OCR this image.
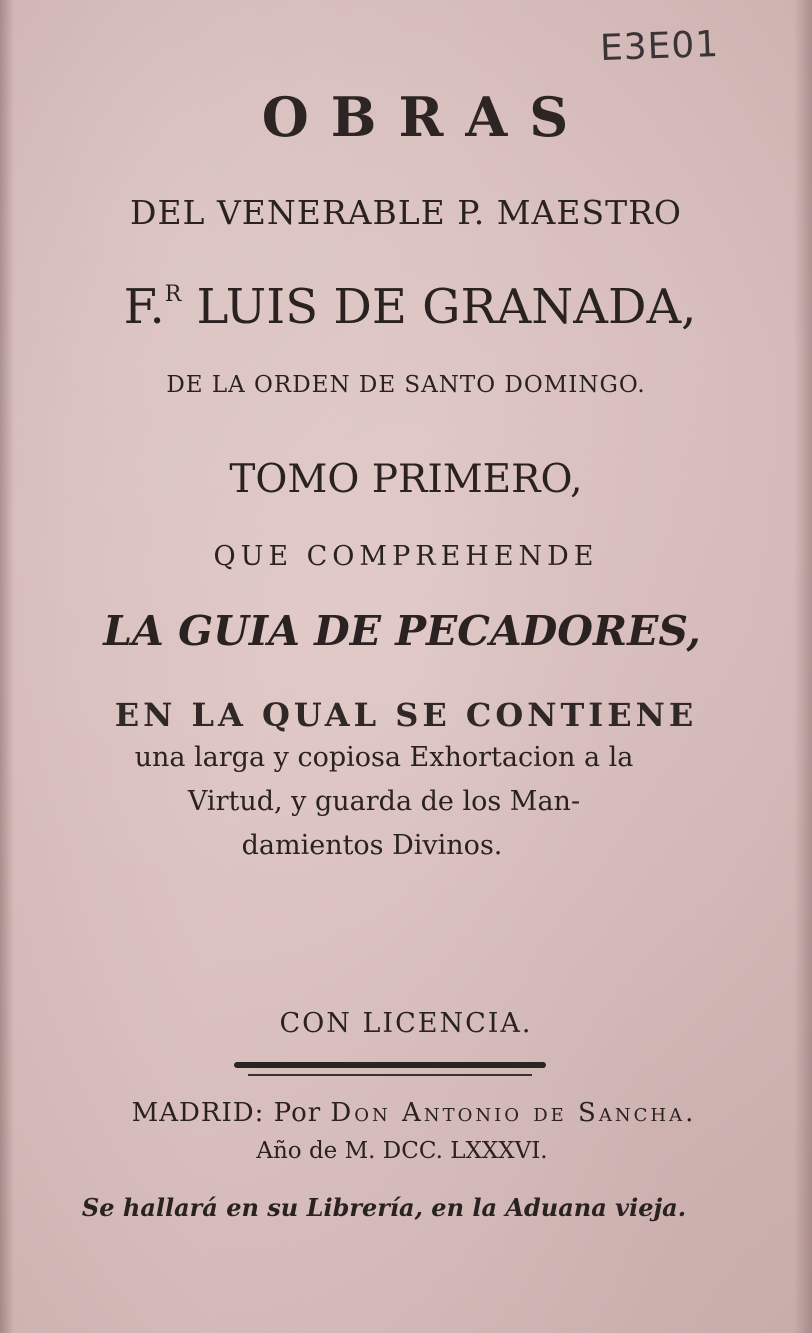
E3E01
OBRAS
DEL VENERABLE P. MAESTRO
F.$^R$ LUIS DE GRANADA,
DE LA ORDEN DE SANTO DOMINGO.
TOMO PRIMERO,
QUE COMPREHENDE
LA GUIA DE PECADORES,
EN LA QUAL SE CONTIENE
una larga y copiosa Exhortacion a la
Virtud, y guarda de los Man-
damientos Divinos.
CON LICENCIA.
MADRID: Por Don Antonio de Sancha.
Año de M. DCC. LXXXVI.
Se hallará en su Librería, en la Aduana vieja.
